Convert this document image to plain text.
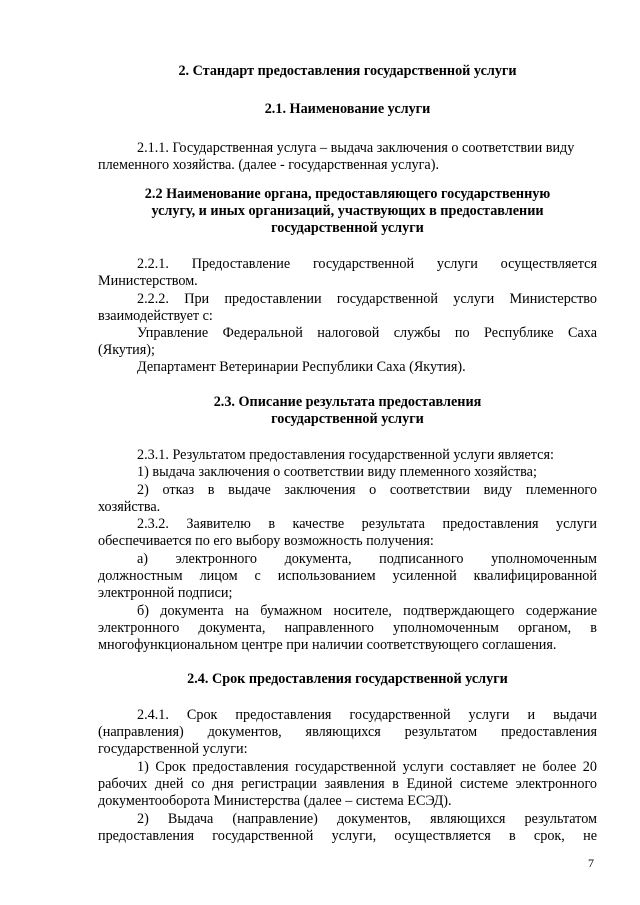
2. Стандарт предоставления государственной услуги
2.1. Наименование услуги
2.1.1. Государственная услуга – выдача заключения о соответствии виду
племенного хозяйства. (далее - государственная услуга).
2.2 Наименование органа, предоставляющего государственную
услугу, и иных организаций, участвующих в предоставлении
государственной услуги
2.2.1. Предоставление государственной услуги осуществляется
Министерством.
2.2.2. При предоставлении государственной услуги Министерство
взаимодействует с:
Управление Федеральной налоговой службы по Республике Саха
(Якутия);
Департамент Ветеринарии Республики Саха (Якутия).
2.3. Описание результата предоставления
государственной услуги
2.3.1. Результатом предоставления государственной услуги является:
1) выдача заключения о соответствии виду племенного хозяйства;
2) отказ в выдаче заключения о соответствии виду племенного
хозяйства.
2.3.2. Заявителю в качестве результата предоставления услуги
обеспечивается по его выбору возможность получения:
а) электронного документа, подписанного уполномоченным
должностным лицом с использованием усиленной квалифицированной
электронной подписи;
б) документа на бумажном носителе, подтверждающего содержание
электронного документа, направленного уполномоченным органом, в
многофункциональном центре при наличии соответствующего соглашения.
2.4. Срок предоставления государственной услуги
2.4.1. Срок предоставления государственной услуги и выдачи
(направления) документов, являющихся результатом предоставления
государственной услуги:
1) Срок предоставления государственной услуги составляет не более 20
рабочих дней со дня регистрации заявления в Единой системе электронного
документооборота Министерства (далее – система ЕСЭД).
2) Выдача (направление) документов, являющихся результатом
предоставления государственной услуги, осуществляется в срок, не
7
